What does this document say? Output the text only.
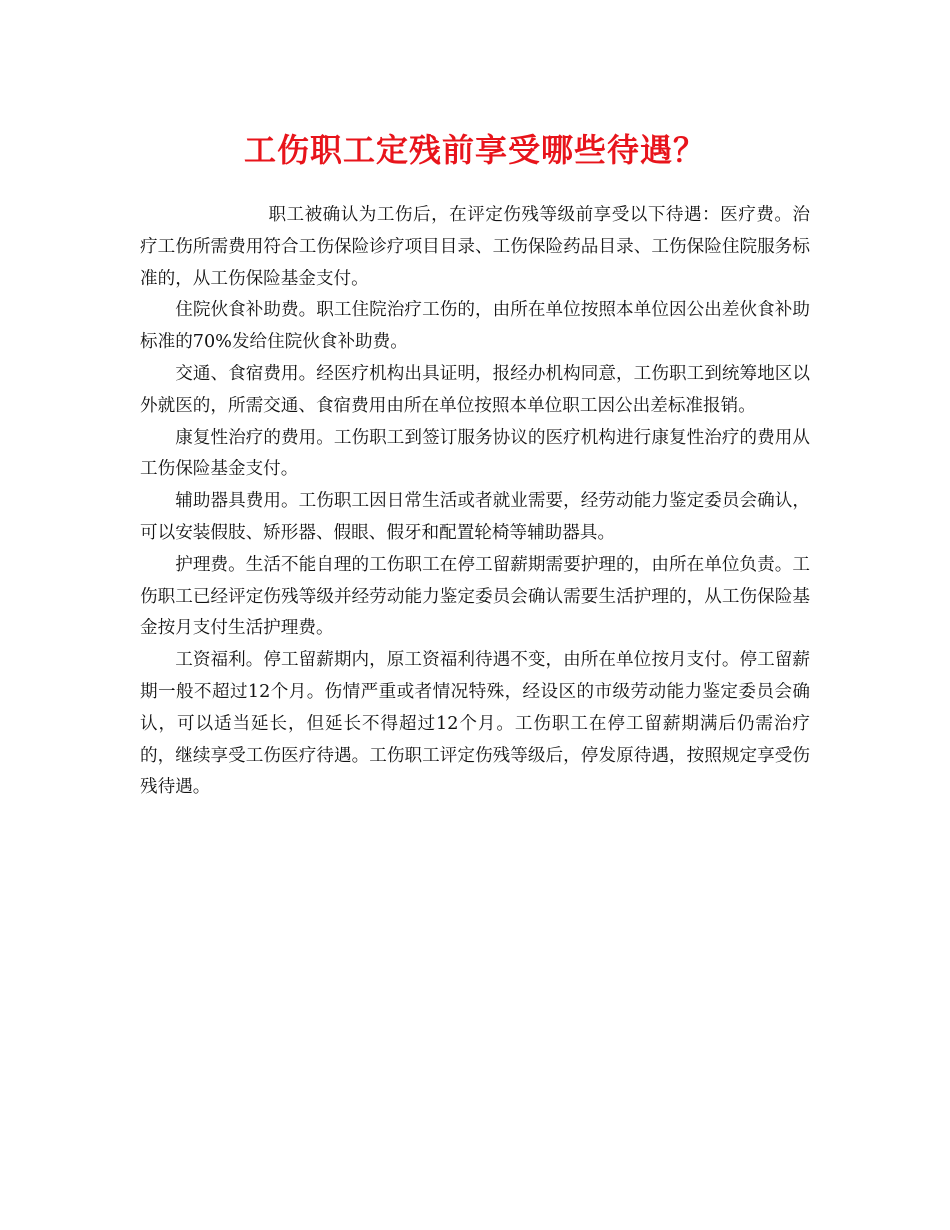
工伤职工定残前享受哪些待遇？

职工被确认为工伤后，在评定伤残等级前享受以下待遇：医疗费。治疗工伤所需费用符合工伤保险诊疗项目目录、工伤保险药品目录、工伤保险住院服务标准的，从工伤保险基金支付。

住院伙食补助费。职工住院治疗工伤的，由所在单位按照本单位因公出差伙食补助标准的70%发给住院伙食补助费。

交通、食宿费用。经医疗机构出具证明，报经办机构同意，工伤职工到统筹地区以外就医的，所需交通、食宿费用由所在单位按照本单位职工因公出差标准报销。

康复性治疗的费用。工伤职工到签订服务协议的医疗机构进行康复性治疗的费用从工伤保险基金支付。

辅助器具费用。工伤职工因日常生活或者就业需要，经劳动能力鉴定委员会确认，可以安装假肢、矫形器、假眼、假牙和配置轮椅等辅助器具。

护理费。生活不能自理的工伤职工在停工留薪期需要护理的，由所在单位负责。工伤职工已经评定伤残等级并经劳动能力鉴定委员会确认需要生活护理的，从工伤保险基金按月支付生活护理费。

工资福利。停工留薪期内，原工资福利待遇不变，由所在单位按月支付。停工留薪期一般不超过12个月。伤情严重或者情况特殊，经设区的市级劳动能力鉴定委员会确认，可以适当延长，但延长不得超过12个月。工伤职工在停工留薪期满后仍需治疗的，继续享受工伤医疗待遇。工伤职工评定伤残等级后，停发原待遇，按照规定享受伤残待遇。
